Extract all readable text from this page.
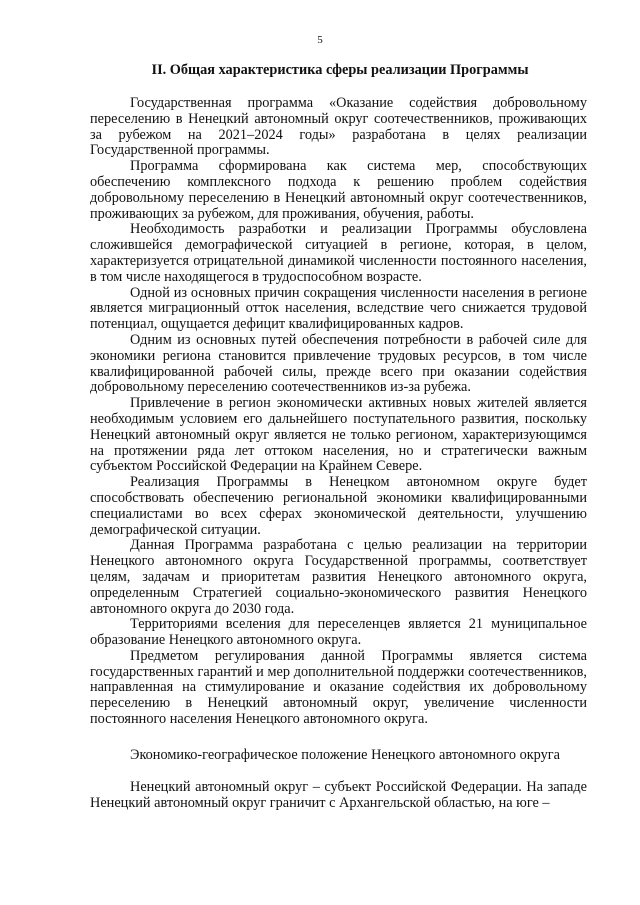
5
II. Общая характеристика сферы реализации Программы

Государственная программа «Оказание содействия добровольному переселению в Ненецкий автономный округ соотечественников, проживающих за рубежом на 2021–2024 годы» разработана в целях реализации Государственной программы.

Программа сформирована как система мер, способствующих обеспечению комплексного подхода к решению проблем содействия добровольному переселению в Ненецкий автономный округ соотечественников, проживающих за рубежом, для проживания, обучения, работы.

Необходимость разработки и реализации Программы обусловлена сложившейся демографической ситуацией в регионе, которая, в целом, характеризуется отрицательной динамикой численности постоянного населения, в том числе находящегося в трудоспособном возрасте.

Одной из основных причин сокращения численности населения в регионе является миграционный отток населения, вследствие чего снижается трудовой потенциал, ощущается дефицит квалифицированных кадров.

Одним из основных путей обеспечения потребности в рабочей силе для экономики региона становится привлечение трудовых ресурсов, в том числе квалифицированной рабочей силы, прежде всего при оказании содействия добровольному переселению соотечественников из-за рубежа.

Привлечение в регион экономически активных новых жителей является необходимым условием его дальнейшего поступательного развития, поскольку Ненецкий автономный округ является не только регионом, характеризующимся на протяжении ряда лет оттоком населения, но и стратегически важным субъектом Российской Федерации на Крайнем Севере.

Реализация Программы в Ненецком автономном округе будет способствовать обеспечению региональной экономики квалифицированными специалистами во всех сферах экономической деятельности, улучшению демографической ситуации.

Данная Программа разработана с целью реализации на территории Ненецкого автономного округа Государственной программы, соответствует целям, задачам и приоритетам развития Ненецкого автономного округа, определенным Стратегией социально-экономического развития Ненецкого автономного округа до 2030 года.

Территориями вселения для переселенцев является 21 муниципальное образование Ненецкого автономного округа.

Предметом регулирования данной Программы является система государственных гарантий и мер дополнительной поддержки соотечественников, направленная на стимулирование и оказание содействия их добровольному переселению в Ненецкий автономный округ, увеличение численности постоянного населения Ненецкого автономного округа.

Экономико-географическое положение Ненецкого автономного округа

Ненецкий автономный округ – субъект Российской Федерации. На западе Ненецкий автономный округ граничит с Архангельской областью, на юге –
